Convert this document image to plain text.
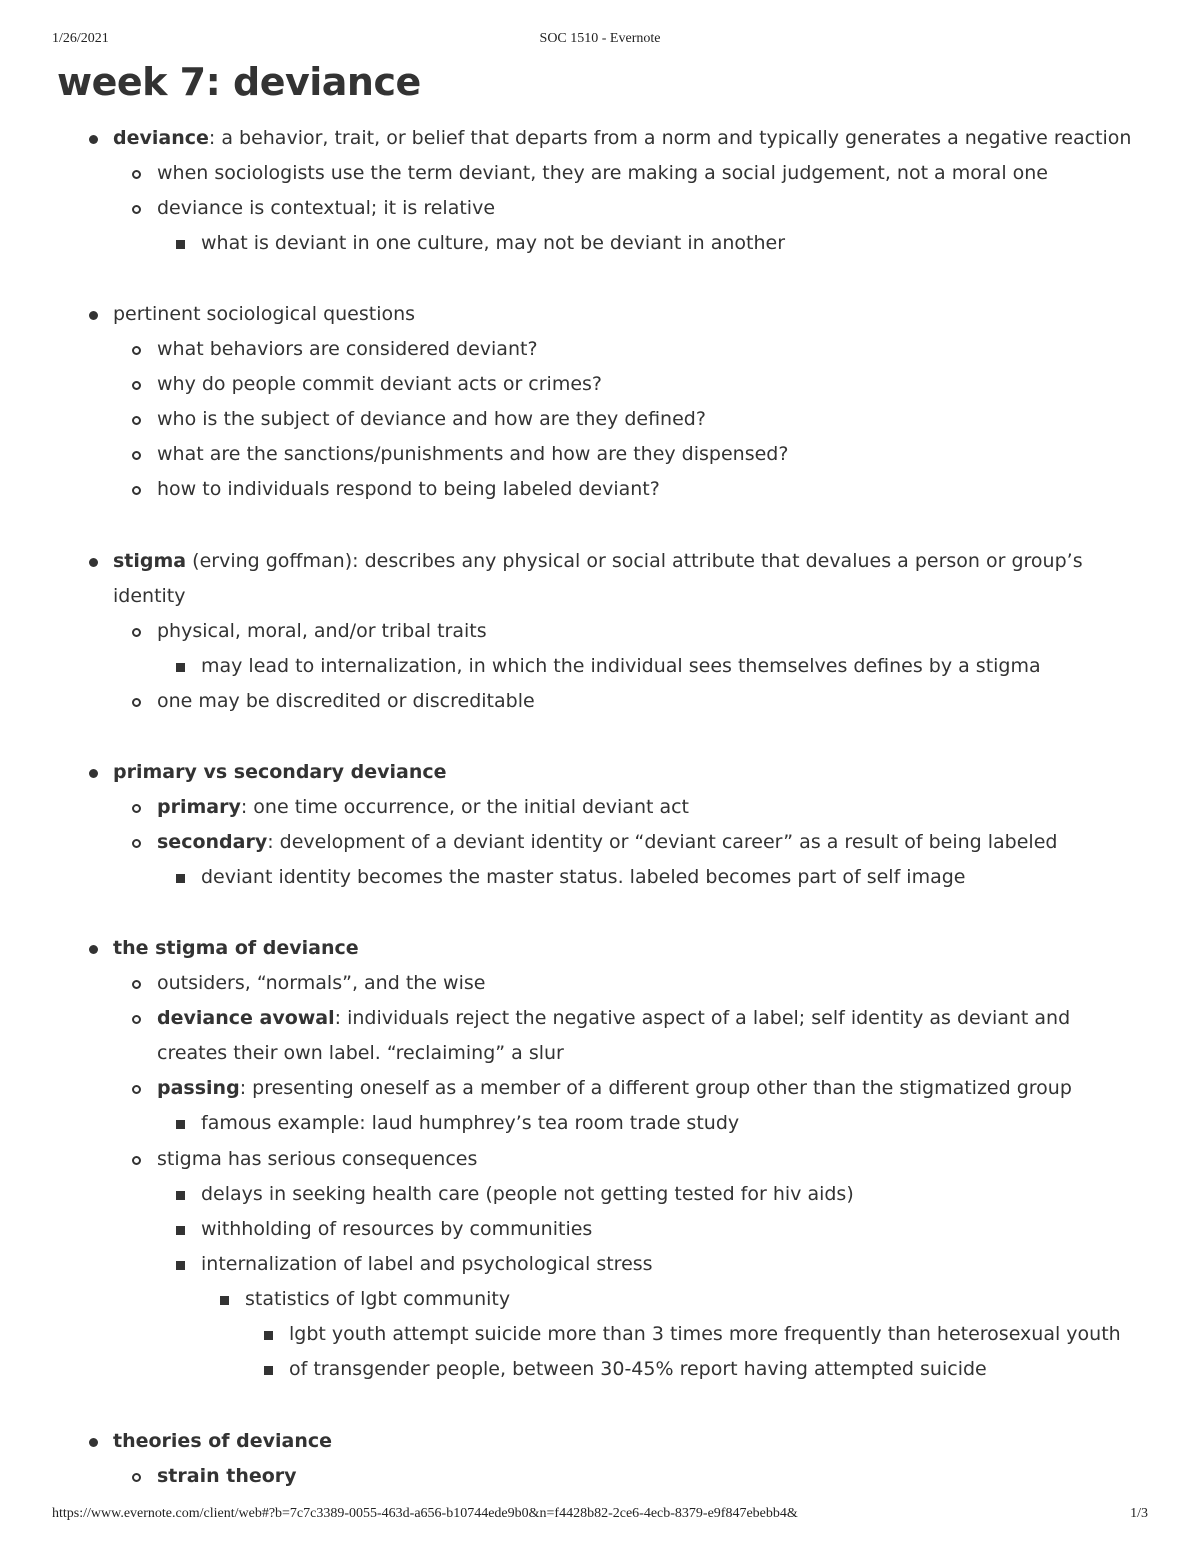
1/26/2021	SOC 1510 - Evernote
week 7: deviance
deviance: a behavior, trait, or belief that departs from a norm and typically generates a negative reaction
when sociologists use the term deviant, they are making a social judgement, not a moral one
deviance is contextual; it is relative
what is deviant in one culture, may not be deviant in another
pertinent sociological questions
what behaviors are considered deviant?
why do people commit deviant acts or crimes?
who is the subject of deviance and how are they defined?
what are the sanctions/punishments and how are they dispensed?
how to individuals respond to being labeled deviant?
stigma (erving goffman): describes any physical or social attribute that devalues a person or group’s
identity
physical, moral, and/or tribal traits
may lead to internalization, in which the individual sees themselves defines by a stigma
one may be discredited or discreditable
primary vs secondary deviance
primary: one time occurrence, or the initial deviant act
secondary: development of a deviant identity or “deviant career” as a result of being labeled
deviant identity becomes the master status. labeled becomes part of self image
the stigma of deviance
outsiders, “normals”, and the wise
deviance avowal: individuals reject the negative aspect of a label; self identity as deviant and
creates their own label. “reclaiming” a slur
passing: presenting oneself as a member of a different group other than the stigmatized group
famous example: laud humphrey’s tea room trade study
stigma has serious consequences
delays in seeking health care (people not getting tested for hiv aids)
withholding of resources by communities
internalization of label and psychological stress
statistics of lgbt community
lgbt youth attempt suicide more than 3 times more frequently than heterosexual youth
of transgender people, between 30-45% report having attempted suicide
theories of deviance
strain theory
https://www.evernote.com/client/web#?b=7c7c3389-0055-463d-a656-b10744ede9b0&n=f4428b82-2ce6-4ecb-8379-e9f847ebebb4&	1/3
